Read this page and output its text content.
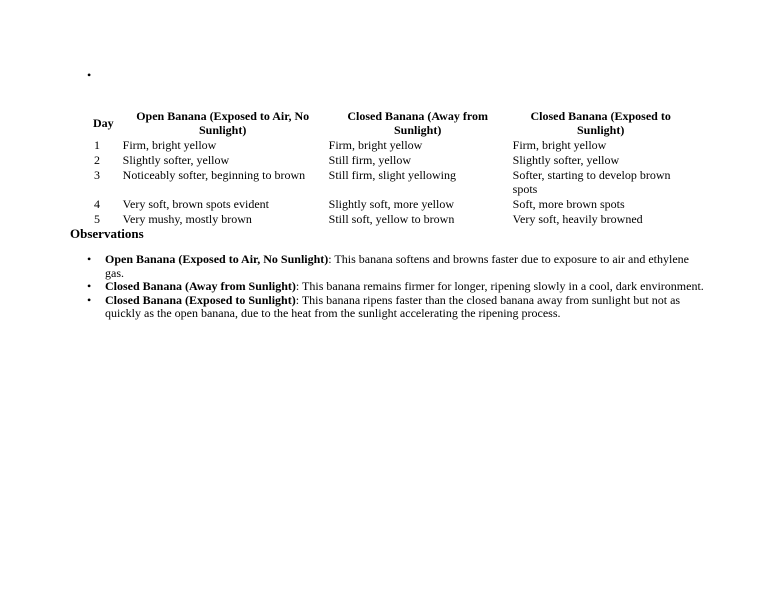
•
Day	Open Banana (Exposed to Air, No Sunlight)	Closed Banana (Away from Sunlight)	Closed Banana (Exposed to Sunlight)
1	Firm, bright yellow	Firm, bright yellow	Firm, bright yellow
2	Slightly softer, yellow	Still firm, yellow	Slightly softer, yellow
3	Noticeably softer, beginning to brown	Still firm, slight yellowing	Softer, starting to develop brown spots
4	Very soft, brown spots evident	Slightly soft, more yellow	Soft, more brown spots
5	Very mushy, mostly brown	Still soft, yellow to brown	Very soft, heavily browned
Observations
• Open Banana (Exposed to Air, No Sunlight): This banana softens and browns faster due to exposure to air and ethylene gas.
• Closed Banana (Away from Sunlight): This banana remains firmer for longer, ripening slowly in a cool, dark environment.
• Closed Banana (Exposed to Sunlight): This banana ripens faster than the closed banana away from sunlight but not as quickly as the open banana, due to the heat from the sunlight accelerating the ripening process.
